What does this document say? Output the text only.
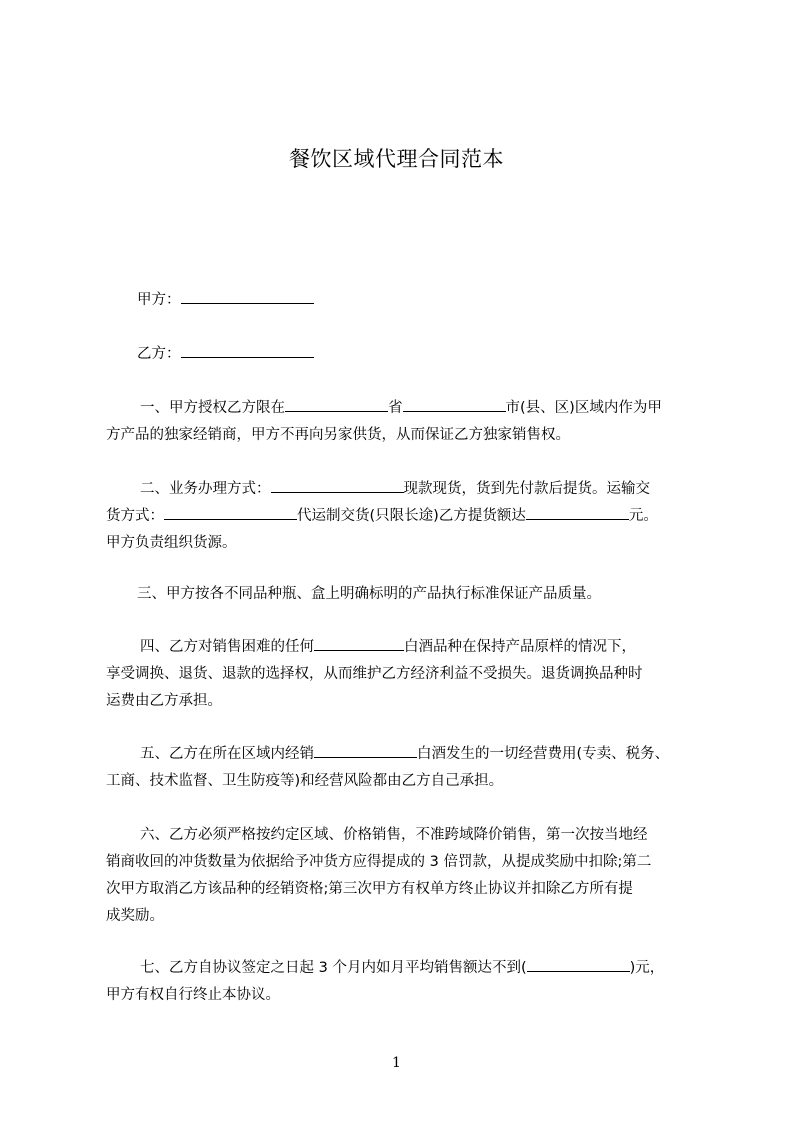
餐饮区域代理合同范本
甲方：
乙方：
一、甲方授权乙方限在	省	市(县、区)区域内作为甲
方产品的独家经销商，甲方不再向另家供货，从而保证乙方独家销售权。
二、业务办理方式：	现款现货，货到先付款后提货。运输交
货方式：	代运制交货(只限长途)乙方提货额达	元。
甲方负责组织货源。
三、甲方按各不同品种瓶、盒上明确标明的产品执行标准保证产品质量。
四、乙方对销售困难的任何	白酒品种在保持产品原样的情况下，
享受调换、退货、退款的选择权，从而维护乙方经济利益不受损失。退货调换品种时
运费由乙方承担。
五、乙方在所在区域内经销	白酒发生的一切经营费用(专卖、税务、
工商、技术监督、卫生防疫等)和经营风险都由乙方自己承担。
六、乙方必须严格按约定区域、价格销售，不准跨域降价销售，第一次按当地经
销商收回的冲货数量为依据给予冲货方应得提成的 3 倍罚款，从提成奖励中扣除;第二
次甲方取消乙方该品种的经销资格;第三次甲方有权单方终止协议并扣除乙方所有提
成奖励。
七、乙方自协议签定之日起 3 个月内如月平均销售额达不到(	)元，
甲方有权自行终止本协议。
1
